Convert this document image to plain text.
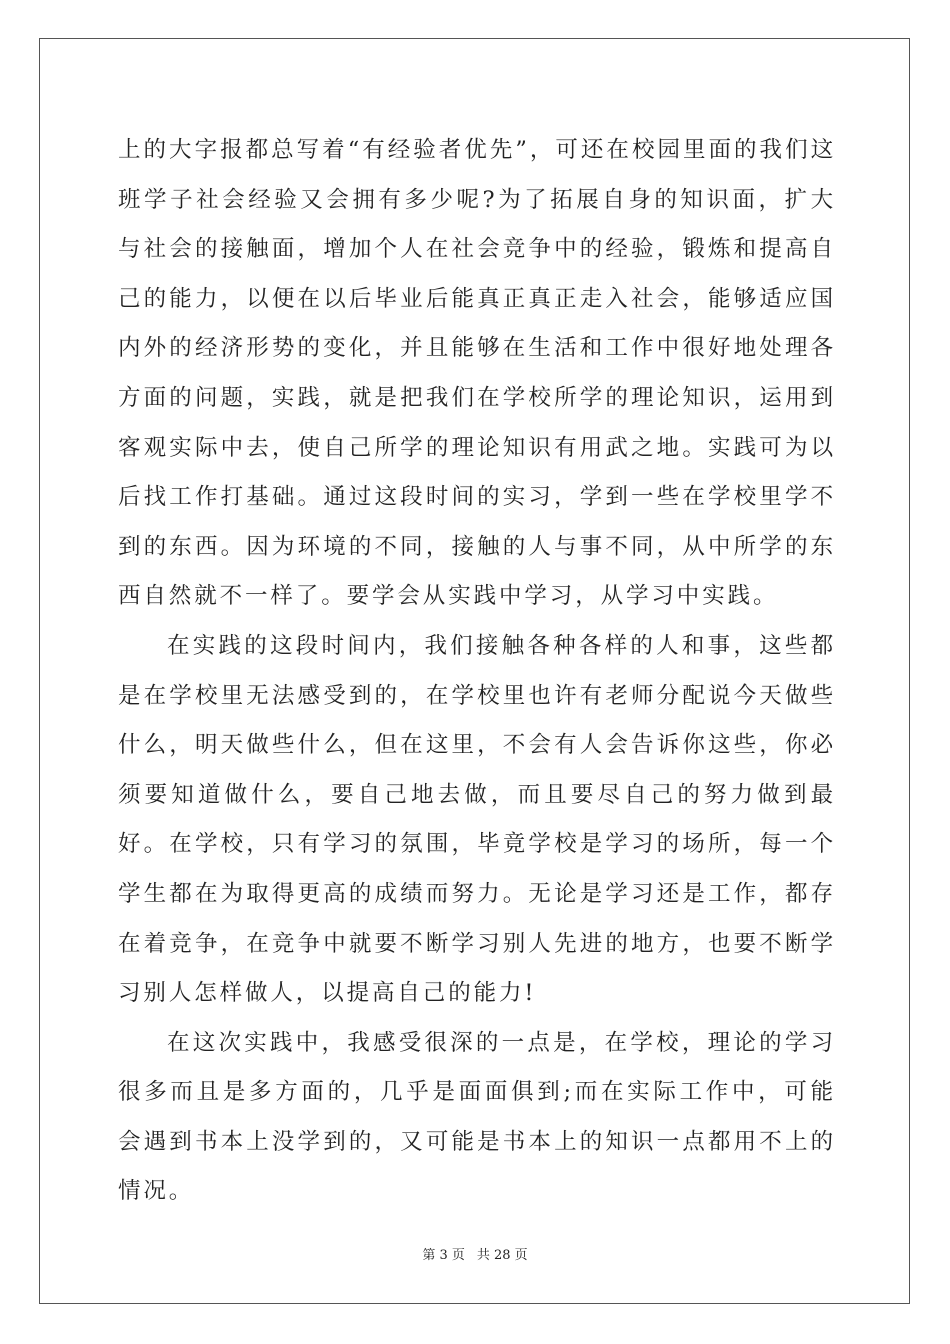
上的大字报都总写着“有经验者优先”，可还在校园里面的我们这班学子社会经验又会拥有多少呢?为了拓展自身的知识面，扩大与社会的接触面，增加个人在社会竞争中的经验，锻炼和提高自己的能力，以便在以后毕业后能真正真正走入社会，能够适应国内外的经济形势的变化，并且能够在生活和工作中很好地处理各方面的问题，实践，就是把我们在学校所学的理论知识，运用到客观实际中去，使自己所学的理论知识有用武之地。实践可为以后找工作打基础。通过这段时间的实习，学到一些在学校里学不到的东西。因为环境的不同，接触的人与事不同，从中所学的东西自然就不一样了。要学会从实践中学习，从学习中实践。

在实践的这段时间内，我们接触各种各样的人和事，这些都是在学校里无法感受到的，在学校里也许有老师分配说今天做些什么，明天做些什么，但在这里，不会有人会告诉你这些，你必须要知道做什么，要自己地去做，而且要尽自己的努力做到最好。在学校，只有学习的氛围，毕竟学校是学习的场所，每一个学生都在为取得更高的成绩而努力。无论是学习还是工作，都存在着竞争，在竞争中就要不断学习别人先进的地方，也要不断学习别人怎样做人，以提高自己的能力!

在这次实践中，我感受很深的一点是，在学校，理论的学习很多而且是多方面的，几乎是面面俱到;而在实际工作中，可能会遇到书本上没学到的，又可能是书本上的知识一点都用不上的情况。

第 3 页 共 28 页
